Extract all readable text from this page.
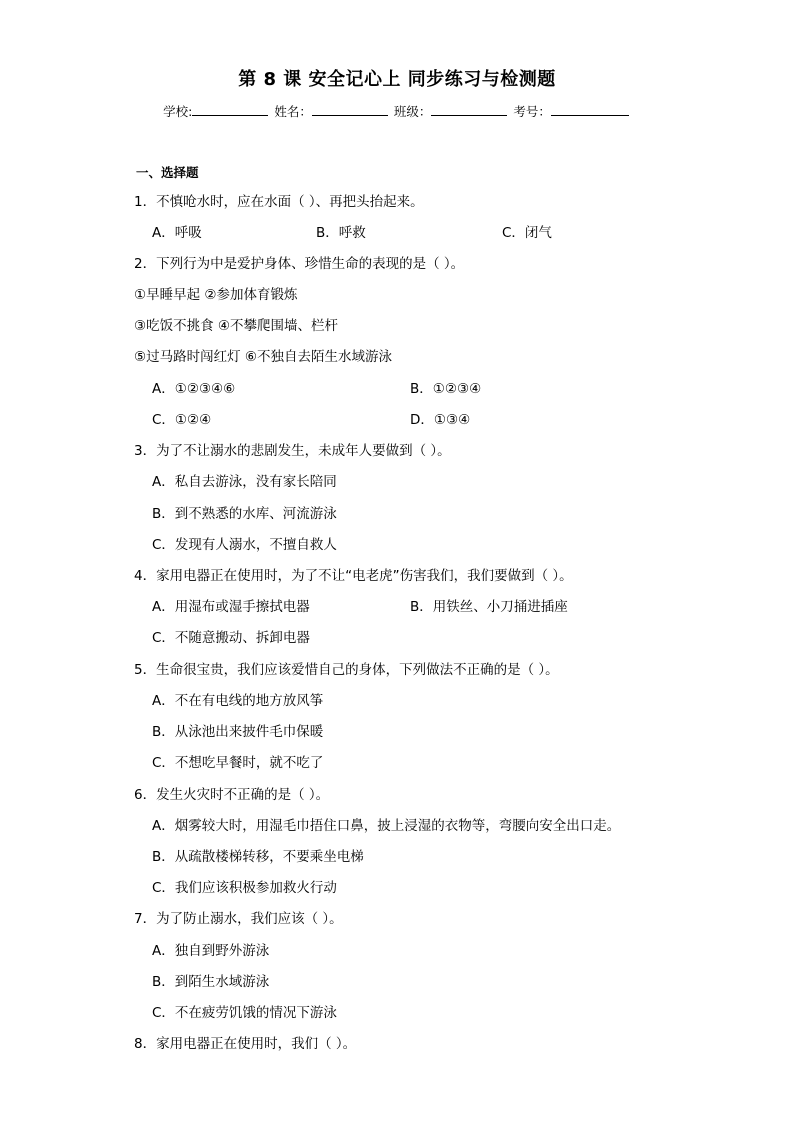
第 8 课 安全记心上 同步练习与检测题
学校:	姓名：	班级：	考号：
一、选择题
1．不慎呛水时，应在水面（ ）、再把头抬起来。
A．呼吸	B．呼救	C．闭气
2．下列行为中是爱护身体、珍惜生命的表现的是（ ）。
①早睡早起 ②参加体育锻炼
③吃饭不挑食 ④不攀爬围墙、栏杆
⑤过马路时闯红灯 ⑥不独自去陌生水域游泳
A．①②③④⑥	B．①②③④
C．①②④	D．①③④
3．为了不让溺水的悲剧发生，未成年人要做到（ ）。
A．私自去游泳，没有家长陪同
B．到不熟悉的水库、河流游泳
C．发现有人溺水，不擅自救人
4．家用电器正在使用时，为了不让“电老虎”伤害我们，我们要做到（ ）。
A．用湿布或湿手擦拭电器	B．用铁丝、小刀捅进插座
C．不随意搬动、拆卸电器
5．生命很宝贵，我们应该爱惜自己的身体，下列做法不正确的是（ ）。
A．不在有电线的地方放风筝
B．从泳池出来披件毛巾保暖
C．不想吃早餐时，就不吃了
6．发生火灾时不正确的是（ ）。
A．烟雾较大时，用湿毛巾捂住口鼻，披上浸湿的衣物等，弯腰向安全出口走。
B．从疏散楼梯转移，不要乘坐电梯
C．我们应该积极参加救火行动
7．为了防止溺水，我们应该（ ）。
A．独自到野外游泳
B．到陌生水域游泳
C．不在疲劳饥饿的情况下游泳
8．家用电器正在使用时，我们（ ）。
